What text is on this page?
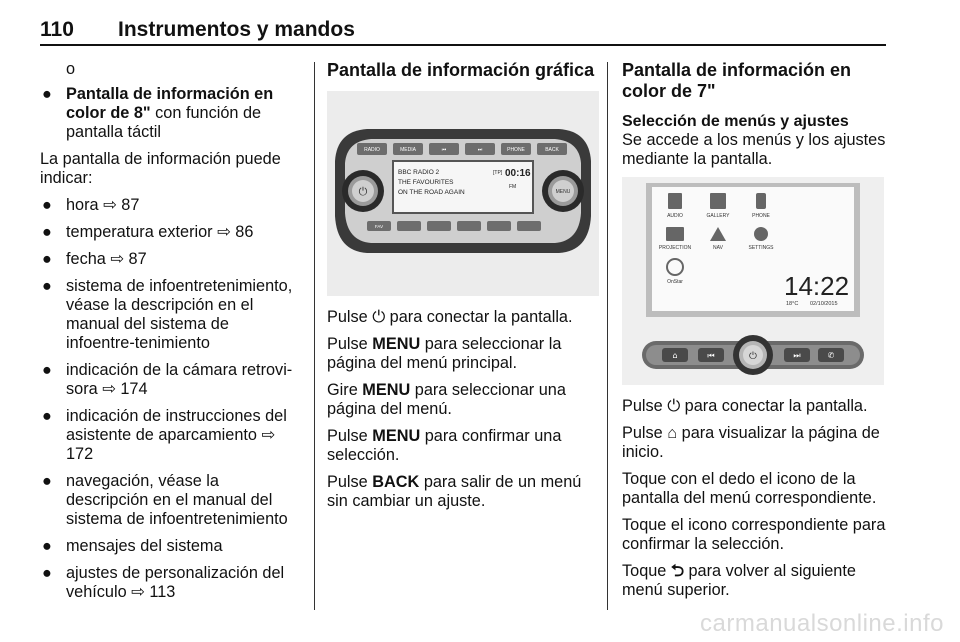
110 Instrumentos y mandos
o
● Pantalla de información en color de 8" con función de pantalla táctil

La pantalla de información puede indicar:

● hora ⇨ 87
● temperatura exterior ⇨ 86
● fecha ⇨ 87
● sistema de infoentretenimiento, véase la descripción en el manual del sistema de infoentre-tenimiento
● indicación de la cámara retrovi-sora ⇨ 174
● indicación de instrucciones del asistente de aparcamiento ⇨ 172
● navegación, véase la descripción en el manual del sistema de infoentretenimiento
● mensajes del sistema
● ajustes de personalización del vehículo ⇨ 113
Pantalla de información gráfica
RADIO	MEDIA	⏮	⏭	PHONE	BACK
BBC RADIO 2
THE FAVOURITES
ON THE ROAD AGAIN
[TP] 00:16
FM
⏻	MENU
FAV

Pulse ⏻ para conectar la pantalla.

Pulse MENU para seleccionar la página del menú principal.

Gire MENU para seleccionar una página del menú.

Pulse MENU para confirmar una selección.

Pulse BACK para salir de un menú sin cambiar un ajuste.

Pantalla de información en color de 7"
Selección de menús y ajustes

Se accede a los menús y los ajustes mediante la pantalla.

AUDIO	GALLERY	PHONE
PROJECTION	NAV	SETTINGS
OnStar	14:22
18°C 02/10/2015
⌂	⏮	⏭	✆
⏻

Pulse ⏻ para conectar la pantalla.

Pulse ⌂ para visualizar la página de inicio.

Toque con el dedo el icono de la pantalla del menú correspondiente.

Toque el icono correspondiente para confirmar la selección.

Toque ⮌ para volver al siguiente menú superior.

carmanualsonline.info
